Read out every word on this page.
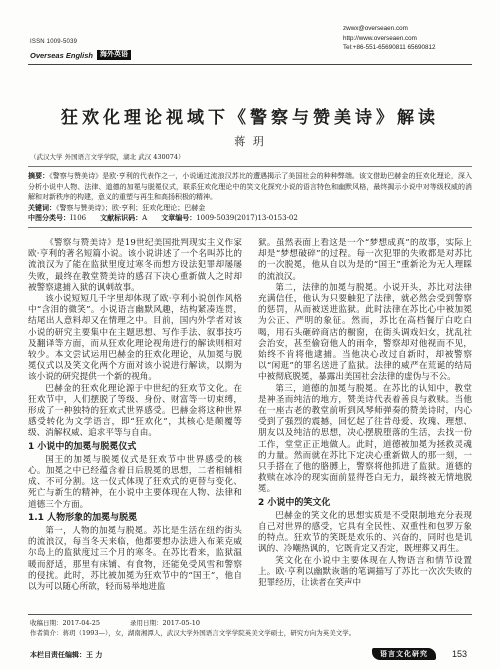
ISSN 1009-5039
Overseas English	海外英语
zwwx@overseaen.com
http://www.overseaen.com
Tel:+86-551-65690811 65690812
狂欢化理论视域下《警察与赞美诗》解读
蒋 玥
（武汉大学 外国语言文学学院，湖北 武汉 430074）

摘要：《警察与赞美诗》是欧·亨利的代表作之一，小说通过流浪汉苏比的遭遇揭示了美国社会的种种弊端。该文借助巴赫金的狂欢化理论，深入分析小说中人物、法律、道德的加冕与脱冕仪式，联系狂欢化理论中的笑文化探究小说的语言特色和幽默风格，最终揭示小说中对等级权威的消解和对新秩序的构建，意义的重塑与再生和高扬积极的精神。

关键词：《警察与赞美诗》；欧·亨利；狂欢化理论；巴赫金

中图分类号：I106 文献标识码：A 文章编号：1009-5039(2017)13-0153-02

《警察与赞美诗》是19世纪美国批判现实主义作家欧·亨利的著名短篇小说。该小说讲述了一个名叫苏比的流浪汉为了能在监狱里度过寒冬而想方设法犯罪却屡屡失败，最终在教堂赞美诗的感召下决心重新做人之时却被警察逮捕入狱的讽刺故事。

该小说短短几千字里却体现了欧·亨利小说创作风格中“含泪的微笑”。小说语言幽默风趣，结构紧凑连贯，结尾出人意料却又在情理之中。目前，国内外学者对该小说的研究主要集中在主题思想、写作手法、叙事技巧及翻译等方面，而从狂欢化理论视角进行的解读则相对较少。本文尝试运用巴赫金的狂欢化理论，从加冕与脱冕仪式以及笑文化两个方面对该小说进行解读，以期为该小说的研究提供一个新的视角。

巴赫金的狂欢化理论源于中世纪的狂欢节文化。在狂欢节中，人们摆脱了等级、身份、财富等一切束缚，形成了一种独特的狂欢式世界感受。巴赫金将这种世界感受转化为文学语言，即“狂欢化”，其核心是颠覆等级、消解权威、追求平等与自由。

1 小说中的加冕与脱冕仪式

国王的加冕与脱冕仪式是狂欢节中世界感受的核心。加冕之中已经蕴含着日后脱冕的思想，二者相辅相成、不可分割。这一仪式体现了狂欢式的更替与变化、死亡与新生的精神，在小说中主要体现在人物、法律和道德三个方面。

1.1 人物形象的加冕与脱冕

第一，人物的加冕与脱冕。苏比是生活在纽约街头的流浪汉，每当冬天来临，他都要想办法进入布莱克威尔岛上的监狱度过三个月的寒冬。在苏比看来，监狱温暖而舒适，那里有床铺、有食物，还能免受风雪和警察的侵扰。此时，苏比被加冕为狂欢节中的“国王”，他自以为可以随心所欲，轻而易举地进监

狱。虽然表面上看这是一个“梦想成真”的故事，实际上却是“梦想破碎”的过程。每一次犯罪的失败都是对苏比的一次脱冕，他从自以为是的“国王”重新沦为无人理睬的流浪汉。

第二，法律的加冕与脱冕。小说开头，苏比对法律充满信任，他认为只要触犯了法律，就必然会受到警察的惩罚，从而被送进监狱。此时法律在苏比心中被加冕为公正、严明的象征。然而，苏比在高档餐厅白吃白喝，用石头砸碎商店的橱窗，在街头调戏妇女，扰乱社会治安，甚至偷窃他人的雨伞，警察却对他视而不见，始终不肯将他逮捕。当他决心改过自新时，却被警察以“闲逛”的罪名送进了监狱。法律的威严在荒诞的结局中被彻底脱冕，暴露出美国社会法律的虚伪与不公。

第三，道德的加冕与脱冕。在苏比的认知中，教堂是神圣而纯洁的地方，赞美诗代表着善良与救赎。当他在一座古老的教堂前听到风琴师弹奏的赞美诗时，内心受到了强烈的震撼，回忆起了往昔母爱、玫瑰、理想、朋友以及纯洁的思想，决心摆脱堕落的生活，去找一份工作，堂堂正正地做人。此时，道德被加冕为拯救灵魂的力量。然而就在苏比下定决心重新做人的那一刻，一只手搭在了他的胳膊上，警察将他抓进了监狱。道德的救赎在冰冷的现实面前显得苍白无力，最终被无情地脱冕。

2 小说中的笑文化

巴赫金的笑文化的思想实质是不受限制地充分表现自己对世界的感受，它具有全民性、双重性和包罗万象的特点。狂欢节的笑既是欢乐的、兴奋的，同时也是讥讽的、冷嘲热讽的，它既肯定又否定，既埋葬又再生。

笑文化在小说中主要体现在人物语言和情节设置上。欧·亨利以幽默诙谐的笔调描写了苏比一次次失败的犯罪经历，让读者在笑声中

收稿日期：2017-04-25	录用日期：2017-05-10

作者简介：蒋玥（1993—），女，湖南湘潭人，武汉大学外国语言文学学院英美文学硕士，研究方向为英美文学。

本栏目责任编辑：王 力	语言文化研究	153
